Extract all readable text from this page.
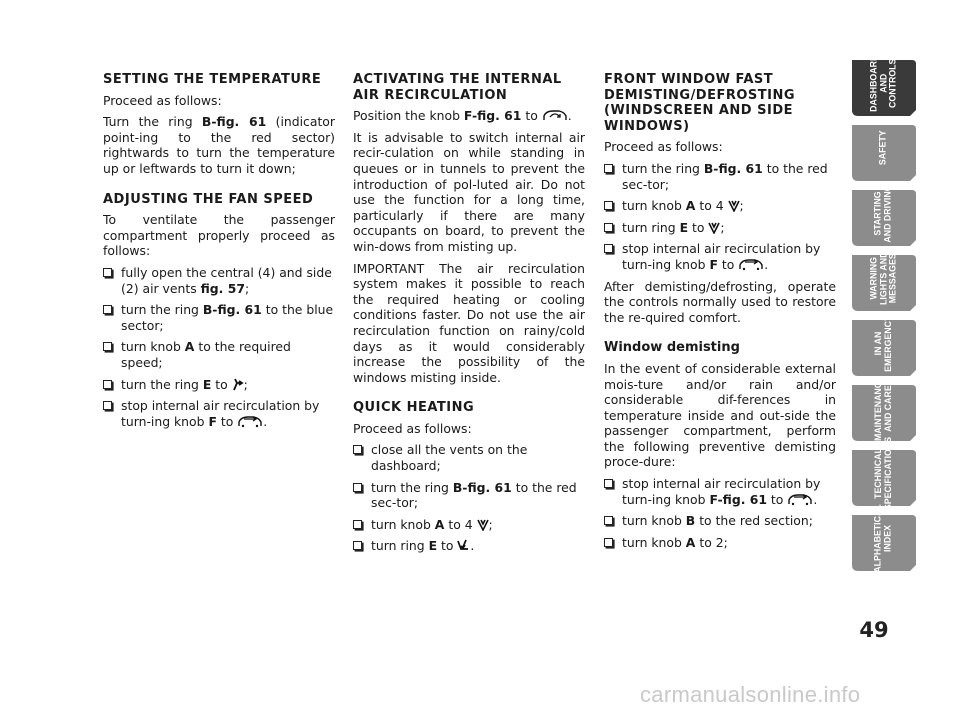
SETTING THE TEMPERATURE

Proceed as follows:

Turn the ring B-fig. 61 (indicator point-ing to the red sector) rightwards to turn the temperature up or leftwards to turn it down;

ADJUSTING THE FAN SPEED

To ventilate the passenger compartment properly proceed as follows:

fully open the central (4) and side (2) air vents fig. 57;
turn the ring B-fig. 61 to the blue sector;
turn knob A to the required speed;
turn the ring E to ;
stop internal air recirculation by turn-ing knob F to .
ACTIVATING THE INTERNAL AIR RECIRCULATION

Position the knob F-fig. 61 to .

It is advisable to switch internal air recir-culation on while standing in queues or in tunnels to prevent the introduction of pol-luted air. Do not use the function for a long time, particularly if there are many occupants on board, to prevent the win-dows from misting up.

IMPORTANT The air recirculation system makes it possible to reach the required heating or cooling conditions faster. Do not use the air recirculation function on rainy/cold days as it would considerably increase the possibility of the windows misting inside.

QUICK HEATING

Proceed as follows:

close all the vents on the dashboard;
turn the ring B-fig. 61 to the red sec-tor;
turn knob A to 4 ;
turn ring E to .
FRONT WINDOW FAST DEMISTING/DEFROSTING (WINDSCREEN AND SIDE WINDOWS)

Proceed as follows:

turn the ring B-fig. 61 to the red sec-tor;
turn knob A to 4 ;
turn ring E to ;
stop internal air recirculation by turn-ing knob F to .

After demisting/defrosting, operate the controls normally used to restore the re-quired comfort.

Window demisting

In the event of considerable external mois-ture and/or rain and/or considerable dif-ferences in temperature inside and out-side the passenger compartment, perform the following preventive demisting proce-dure:

stop internal air recirculation by turn-ing knob F-fig. 61 to .
turn knob B to the red section;
turn knob A to 2;
DASHBOARD
AND CONTROLS
SAFETY
STARTING
AND DRIVING
WARNING
LIGHTS AND
MESSAGES
IN AN
EMERGENCY
MAINTENANCE
AND CARE
TECHNICAL
SPECIFICATIONS
ALPHABETICAL
INDEX
49
carmanualsonline.info
